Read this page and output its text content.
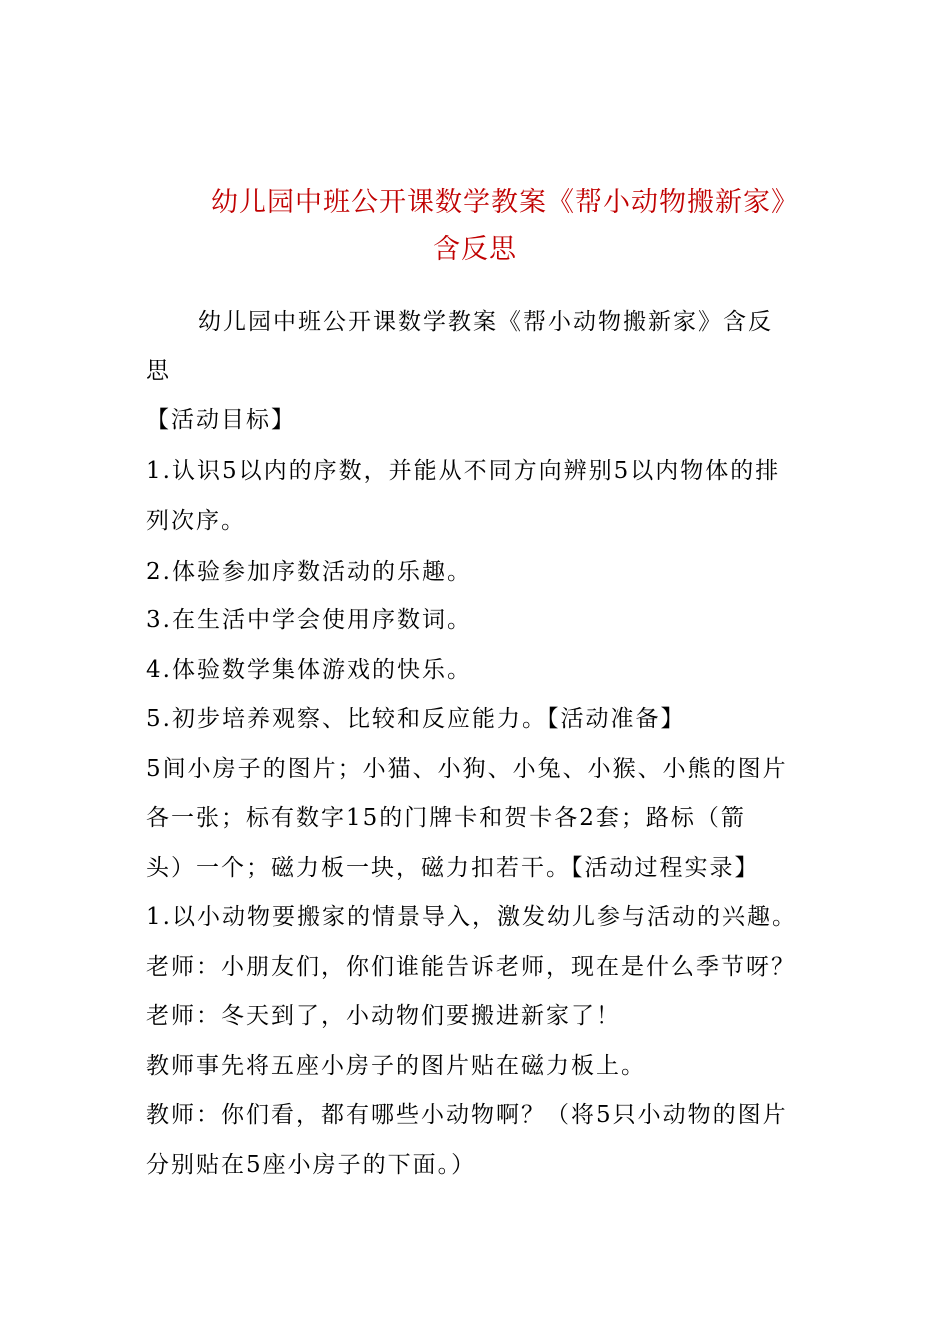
幼儿园中班公开课数学教案《帮小动物搬新家》
含反思
幼儿园中班公开课数学教案《帮小动物搬新家》含反
思
【活动目标】
1.认识5以内的序数，并能从不同方向辨别5以内物体的排
列次序。
2.体验参加序数活动的乐趣。
3.在生活中学会使用序数词。
4.体验数学集体游戏的快乐。
5.初步培养观察、比较和反应能力。【活动准备】
5间小房子的图片；小猫、小狗、小兔、小猴、小熊的图片
各一张；标有数字15的门牌卡和贺卡各2套；路标（箭
头）一个；磁力板一块，磁力扣若干。【活动过程实录】
1.以小动物要搬家的情景导入，激发幼儿参与活动的兴趣。
老师：小朋友们，你们谁能告诉老师，现在是什么季节呀？
老师：冬天到了，小动物们要搬进新家了！
教师事先将五座小房子的图片贴在磁力板上。
教师：你们看，都有哪些小动物啊？（将5只小动物的图片
分别贴在5座小房子的下面。）
